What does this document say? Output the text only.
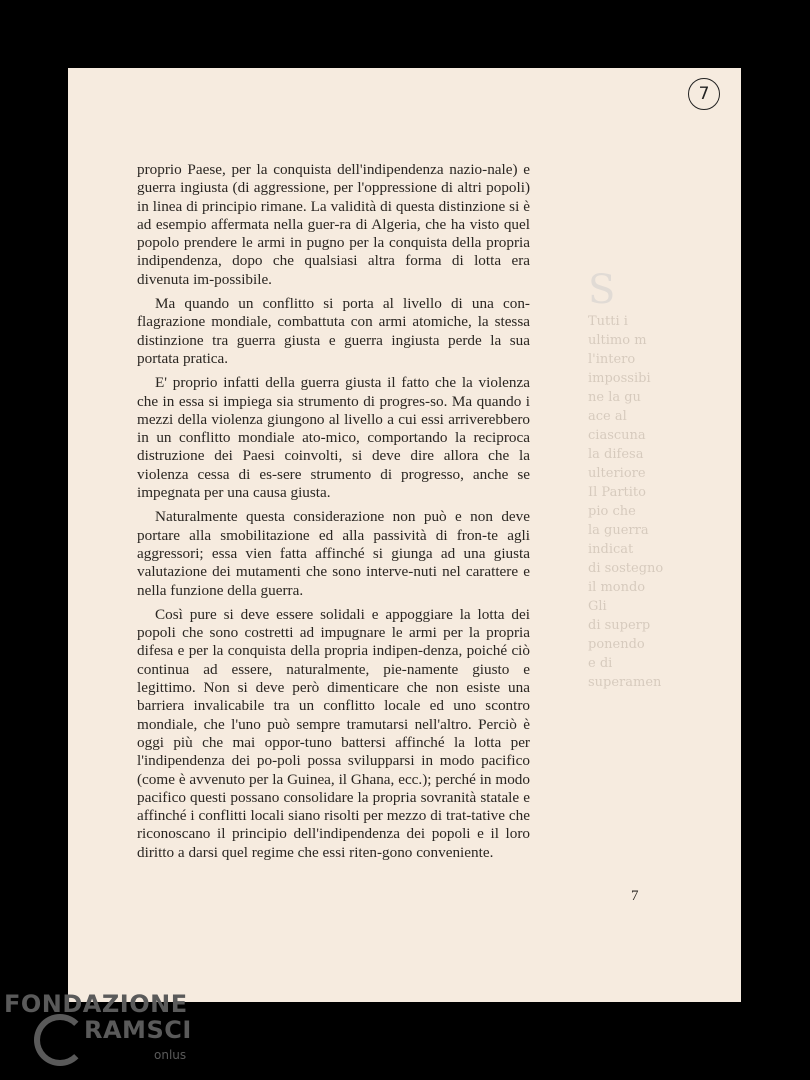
S
Tutti i
ultimo m
l'intero
impossibi
ne la gu
ace al
ciascuna
la difesa
ulteriore
Il Partito
pio che
la guerra
indicat
di sostegno
il mondo
Gli
di superp
ponendo
e di
superamen
7

proprio Paese, per la conquista dell'indipendenza nazio-nale) e guerra ingiusta (di aggressione, per l'oppressione di altri popoli) in linea di principio rimane. La validità di questa distinzione si è ad esempio affermata nella guer-ra di Algeria, che ha visto quel popolo prendere le armi in pugno per la conquista della propria indipendenza, dopo che qualsiasi altra forma di lotta era divenuta im-possibile.

Ma quando un conflitto si porta al livello di una con-flagrazione mondiale, combattuta con armi atomiche, la stessa distinzione tra guerra giusta e guerra ingiusta perde la sua portata pratica.

E' proprio infatti della guerra giusta il fatto che la violenza che in essa si impiega sia strumento di progres-so. Ma quando i mezzi della violenza giungono al livello a cui essi arriverebbero in un conflitto mondiale ato-mico, comportando la reciproca distruzione dei Paesi coinvolti, si deve dire allora che la violenza cessa di es-sere strumento di progresso, anche se impegnata per una causa giusta.

Naturalmente questa considerazione non può e non deve portare alla smobilitazione ed alla passività di fron-te agli aggressori; essa vien fatta affinché si giunga ad una giusta valutazione dei mutamenti che sono interve-nuti nel carattere e nella funzione della guerra.

Così pure si deve essere solidali e appoggiare la lotta dei popoli che sono costretti ad impugnare le armi per la propria difesa e per la conquista della propria indipen-denza, poiché ciò continua ad essere, naturalmente, pie-namente giusto e legittimo. Non si deve però dimenticare che non esiste una barriera invalicabile tra un conflitto locale ed uno scontro mondiale, che l'uno può sempre tramutarsi nell'altro. Perciò è oggi più che mai oppor-tuno battersi affinché la lotta per l'indipendenza dei po-poli possa svilupparsi in modo pacifico (come è avvenuto per la Guinea, il Ghana, ecc.); perché in modo pacifico questi possano consolidare la propria sovranità statale e affinché i conflitti locali siano risolti per mezzo di trat-tative che riconoscano il principio dell'indipendenza dei popoli e il loro diritto a darsi quel regime che essi riten-gono conveniente.

7
FONDAZIONE
RAMSCI
onlus
